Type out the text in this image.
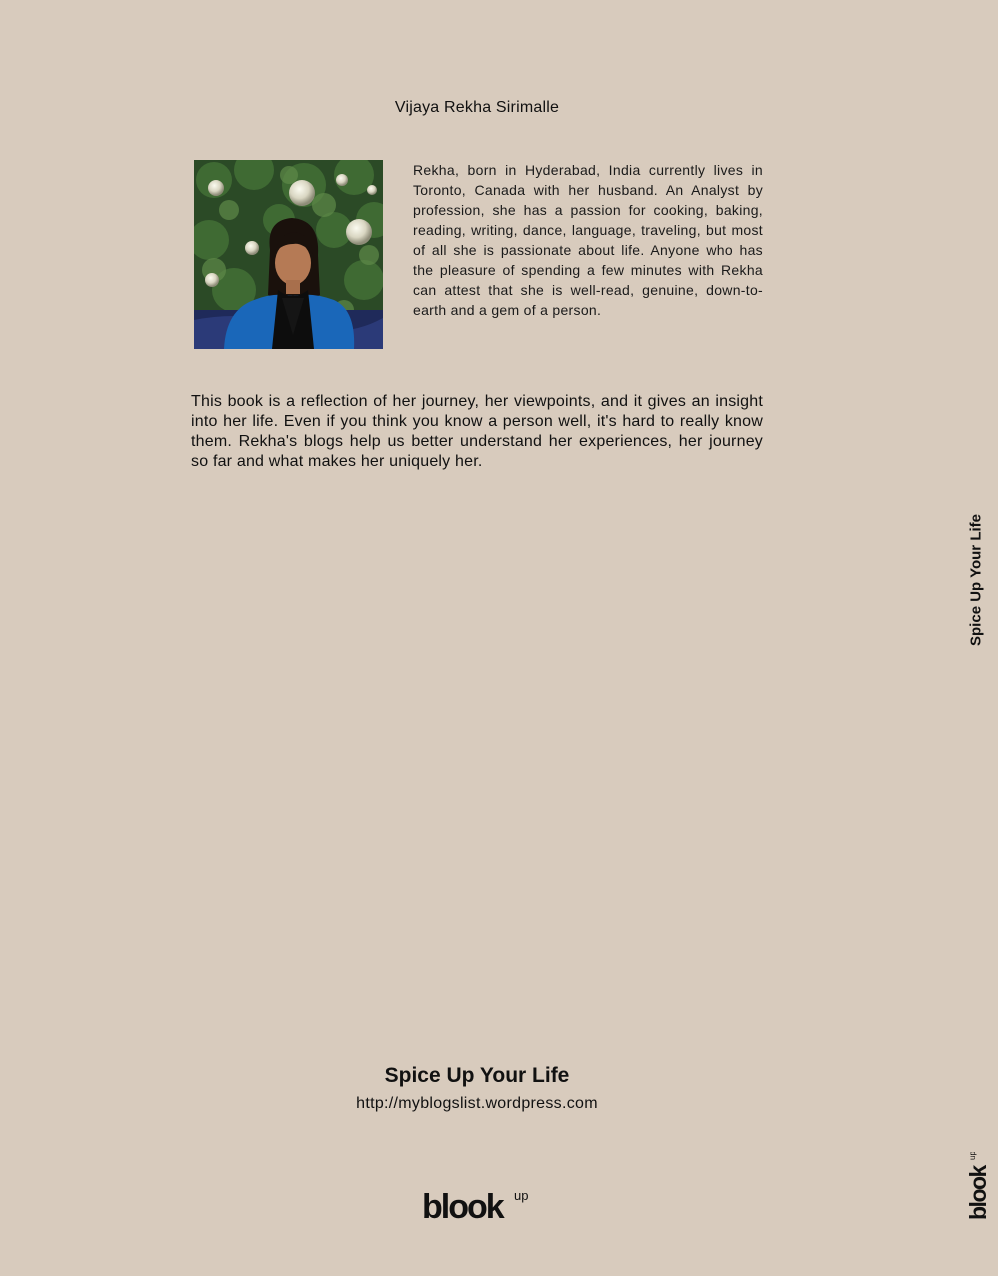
Vijaya Rekha Sirimalle
Rekha, born in Hyderabad, India currently lives in Toronto, Canada with her husband. An Analyst by profession, she has a passion for cooking, baking, reading, writing, dance, language, traveling, but most of all she is passionate about life. Anyone who has the pleasure of spending a few minutes with Rekha can attest that she is well-read, genuine, down-to-earth and a gem of a person.
This book is a reflection of her journey, her viewpoints, and it gives an insight into her life. Even if you think you know a person well, it's hard to really know them. Rekha's blogs help us better understand her experiences, her journey so far and what makes her uniquely her.
Spice Up Your Life
http://myblogslist.wordpress.com
blook up
Spice Up Your Life
blook
up
